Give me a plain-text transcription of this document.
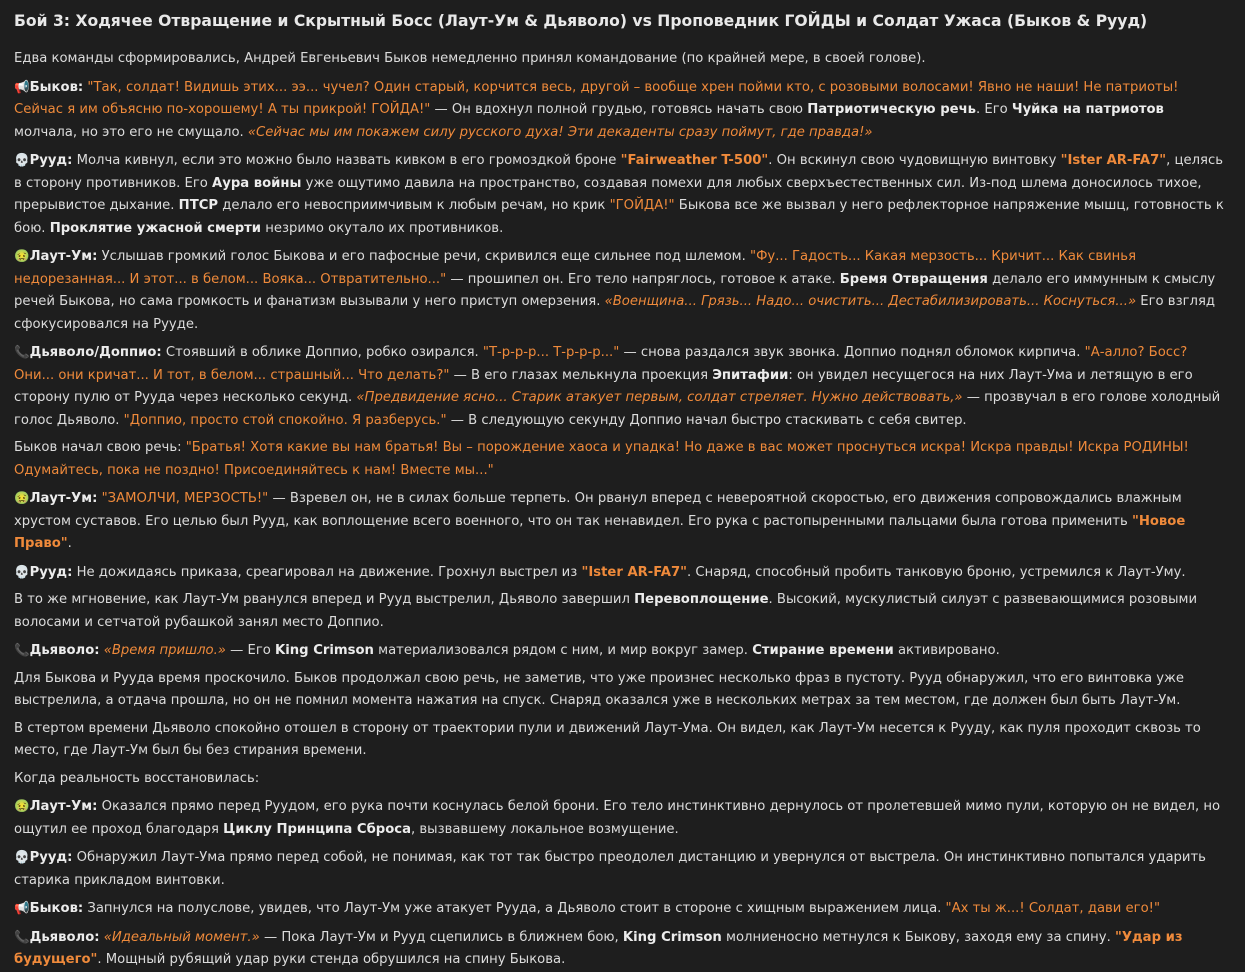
Бой 3: Ходячее Отвращение и Скрытный Босс (Лаут-Ум & Дьяволо) vs Проповедник ГОЙДЫ и Солдат Ужаса (Быков & Рууд)

Едва команды сформировались, Андрей Евгеньевич Быков немедленно принял командование (по крайней мере, в своей голове).

📢Быков: "Так, солдат! Видишь этих... ээ... чучел? Один старый, корчится весь, другой – вообще хрен пойми кто, с розовыми волосами! Явно не наши! Не патриоты! Сейчас я им объясню по-хорошему! А ты прикрой! ГОЙДА!" — Он вдохнул полной грудью, готовясь начать свою Патриотическую речь. Его Чуйка на патриотов молчала, но это его не смущало. «Сейчас мы им покажем силу русского духа! Эти декаденты сразу поймут, где правда!»

💀Рууд: Молча кивнул, если это можно было назвать кивком в его громоздкой броне "Fairweather T-500". Он вскинул свою чудовищную винтовку "Ister AR-FA7", целясь в сторону противников. Его Аура войны уже ощутимо давила на пространство, создавая помехи для любых сверхъестественных сил. Из-под шлема доносилось тихое, прерывистое дыхание. ПТСР делало его невосприимчивым к любым речам, но крик "ГОЙДА!" Быкова все же вызвал у него рефлекторное напряжение мышц, готовность к бою. Проклятие ужасной смерти незримо окутало их противников.

🤢Лаут-Ум: Услышав громкий голос Быкова и его пафосные речи, скривился еще сильнее под шлемом. "Фу... Гадость... Какая мерзость... Кричит... Как свинья недорезанная... И этот... в белом... Вояка... Отвратительно..." — прошипел он. Его тело напряглось, готовое к атаке. Бремя Отвращения делало его иммунным к смыслу речей Быкова, но сама громкость и фанатизм вызывали у него приступ омерзения. «Военщина... Грязь... Надо... очистить... Дестабилизировать... Коснуться...» Его взгляд сфокусировался на Рууде.

📞Дьяволо/Доппио: Стоявший в облике Доппио, робко озирался. "Т-р-р-р... Т-р-р-р..." — снова раздался звук звонка. Доппио поднял обломок кирпича. "А-алло? Босс? Они... они кричат... И тот, в белом... страшный... Что делать?" — В его глазах мелькнула проекция Эпитафии: он увидел несущегося на них Лаут-Ума и летящую в его сторону пулю от Рууда через несколько секунд. «Предвидение ясно... Старик атакует первым, солдат стреляет. Нужно действовать,» — прозвучал в его голове холодный голос Дьяволо. "Доппио, просто стой спокойно. Я разберусь." — В следующую секунду Доппио начал быстро стаскивать с себя свитер.

Быков начал свою речь: "Братья! Хотя какие вы нам братья! Вы – порождение хаоса и упадка! Но даже в вас может проснуться искра! Искра правды! Искра РОДИНЫ! Одумайтесь, пока не поздно! Присоединяйтесь к нам! Вместе мы..."

🤢Лаут-Ум: "ЗАМОЛЧИ, МЕРЗОСТЬ!" — Взревел он, не в силах больше терпеть. Он рванул вперед с невероятной скоростью, его движения сопровождались влажным хрустом суставов. Его целью был Рууд, как воплощение всего военного, что он так ненавидел. Его рука с растопыренными пальцами была готова применить "Новое Право".

💀Рууд: Не дожидаясь приказа, среагировал на движение. Грохнул выстрел из "Ister AR-FA7". Снаряд, способный пробить танковую броню, устремился к Лаут-Уму.

В то же мгновение, как Лаут-Ум рванулся вперед и Рууд выстрелил, Дьяволо завершил Перевоплощение. Высокий, мускулистый силуэт с развевающимися розовыми волосами и сетчатой рубашкой занял место Доппио.

📞Дьяволо: «Время пришло.» — Его King Crimson материализовался рядом с ним, и мир вокруг замер. Стирание времени активировано.

Для Быкова и Рууда время проскочило. Быков продолжал свою речь, не заметив, что уже произнес несколько фраз в пустоту. Рууд обнаружил, что его винтовка уже выстрелила, а отдача прошла, но он не помнил момента нажатия на спуск. Снаряд оказался уже в нескольких метрах за тем местом, где должен был быть Лаут-Ум.

В стертом времени Дьяволо спокойно отошел в сторону от траектории пули и движений Лаут-Ума. Он видел, как Лаут-Ум несется к Рууду, как пуля проходит сквозь то место, где Лаут-Ум был бы без стирания времени.

Когда реальность восстановилась:

🤢Лаут-Ум: Оказался прямо перед Руудом, его рука почти коснулась белой брони. Его тело инстинктивно дернулось от пролетевшей мимо пули, которую он не видел, но ощутил ее проход благодаря Циклу Принципа Сброса, вызвавшему локальное возмущение.

💀Рууд: Обнаружил Лаут-Ума прямо перед собой, не понимая, как тот так быстро преодолел дистанцию и увернулся от выстрела. Он инстинктивно попытался ударить старика прикладом винтовки.

📢Быков: Запнулся на полуслове, увидев, что Лаут-Ум уже атакует Рууда, а Дьяволо стоит в стороне с хищным выражением лица. "Ах ты ж...! Солдат, дави его!"

📞Дьяволо: «Идеальный момент.» — Пока Лаут-Ум и Рууд сцепились в ближнем бою, King Crimson молниеносно метнулся к Быкову, заходя ему за спину. "Удар из будущего". Мощный рубящий удар руки стенда обрушился на спину Быкова.
